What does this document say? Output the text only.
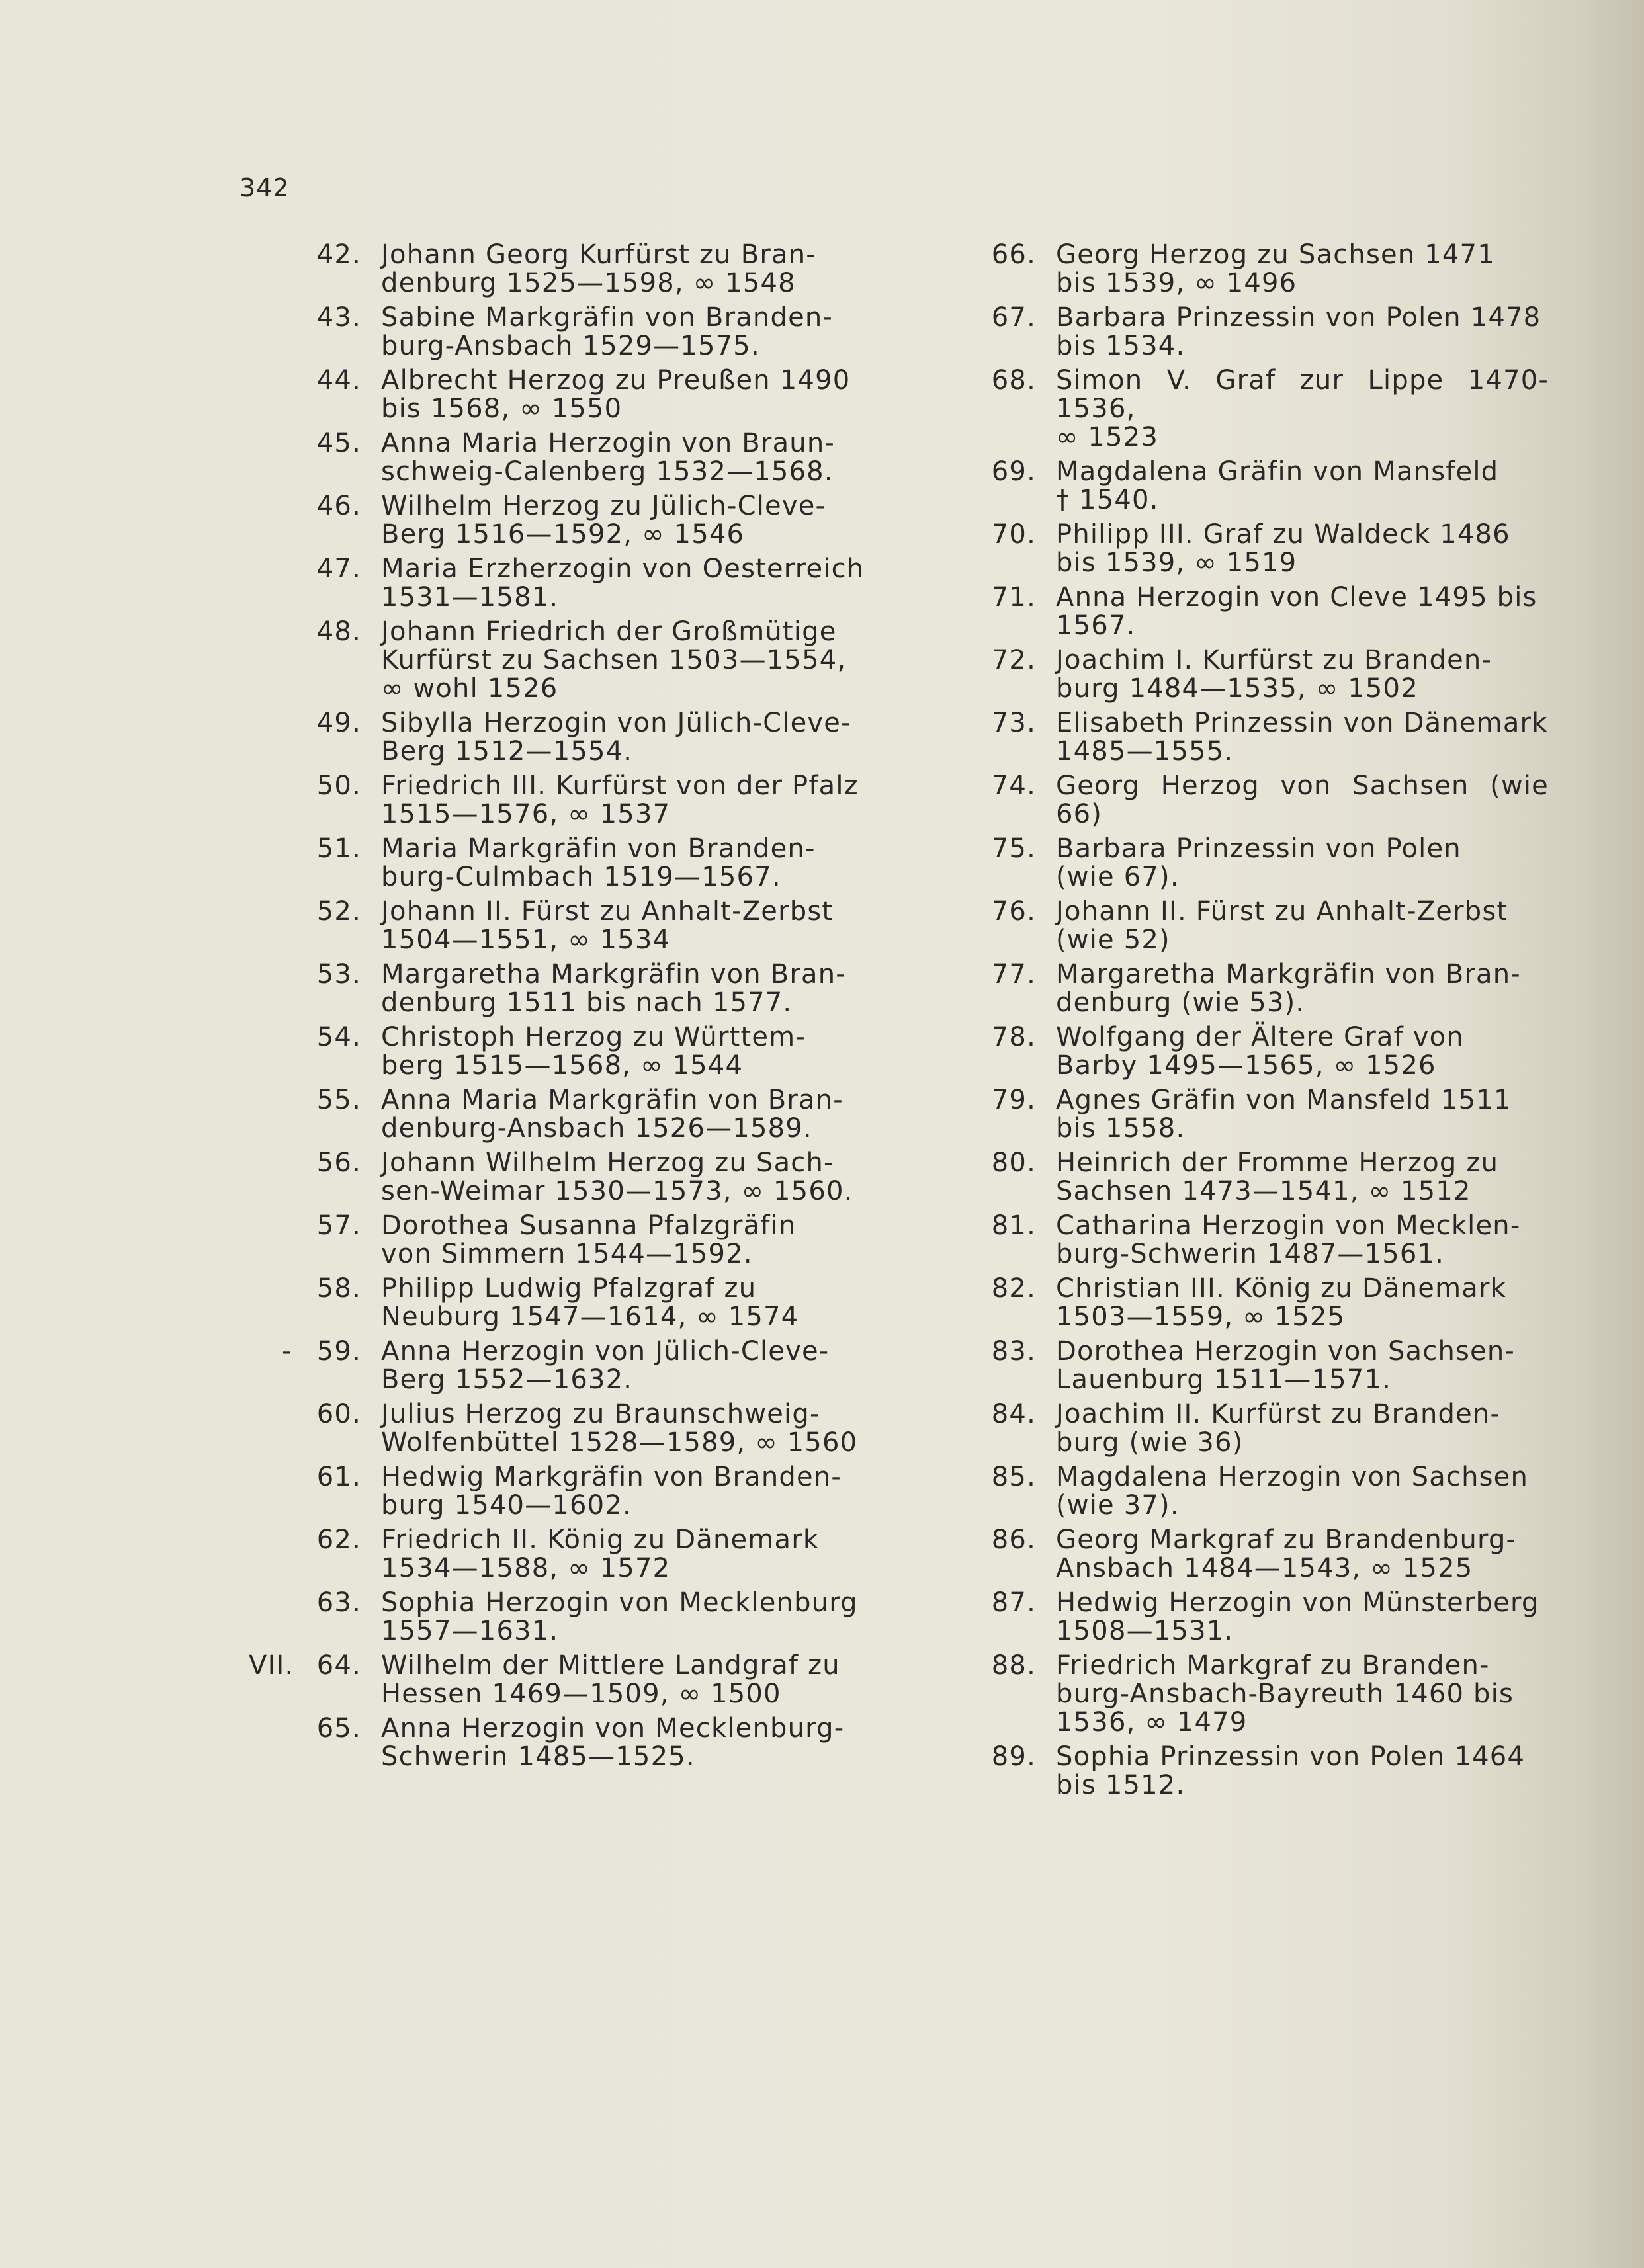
342
42. Johann Georg Kurfürst zu Bran-
denburg 1525—1598, ∞ 1548
43. Sabine Markgräfin von Branden-
burg-Ansbach 1529—1575.
44. Albrecht Herzog zu Preußen 1490
bis 1568, ∞ 1550
45. Anna Maria Herzogin von Braun-
schweig-Calenberg 1532—1568.
46. Wilhelm Herzog zu Jülich-Cleve-
Berg 1516—1592, ∞ 1546
47. Maria Erzherzogin von Oesterreich
1531—1581.
48. Johann Friedrich der Großmütige
Kurfürst zu Sachsen 1503—1554,
∞ wohl 1526
49. Sibylla Herzogin von Jülich-Cleve-
Berg 1512—1554.
50. Friedrich III. Kurfürst von der Pfalz
1515—1576, ∞ 1537
51. Maria Markgräfin von Branden-
burg-Culmbach 1519—1567.
52. Johann II. Fürst zu Anhalt-Zerbst
1504—1551, ∞ 1534
53. Margaretha Markgräfin von Bran-
denburg 1511 bis nach 1577.
54. Christoph Herzog zu Württem-
berg 1515—1568, ∞ 1544
55. Anna Maria Markgräfin von Bran-
denburg-Ansbach 1526—1589.
56. Johann Wilhelm Herzog zu Sach-
sen-Weimar 1530—1573, ∞ 1560.
57. Dorothea Susanna Pfalzgräfin
von Simmern 1544—1592.
58. Philipp Ludwig Pfalzgraf zu
Neuburg 1547—1614, ∞ 1574
- 59. Anna Herzogin von Jülich-Cleve-
Berg 1552—1632.
60. Julius Herzog zu Braunschweig-
Wolfenbüttel 1528—1589, ∞ 1560
61. Hedwig Markgräfin von Branden-
burg 1540—1602.
62. Friedrich II. König zu Dänemark
1534—1588, ∞ 1572
63. Sophia Herzogin von Mecklenburg
1557—1631.
VII. 64. Wilhelm der Mittlere Landgraf zu
Hessen 1469—1509, ∞ 1500
65. Anna Herzogin von Mecklenburg-
Schwerin 1485—1525.
66. Georg Herzog zu Sachsen 1471
bis 1539, ∞ 1496
67. Barbara Prinzessin von Polen 1478
bis 1534.
68. Simon V. Graf zur Lippe 1470-1536,
∞ 1523
69. Magdalena Gräfin von Mansfeld
† 1540.
70. Philipp III. Graf zu Waldeck 1486
bis 1539, ∞ 1519
71. Anna Herzogin von Cleve 1495 bis
1567.
72. Joachim I. Kurfürst zu Branden-
burg 1484—1535, ∞ 1502
73. Elisabeth Prinzessin von Dänemark
1485—1555.
74. Georg Herzog von Sachsen (wie 66)
75. Barbara Prinzessin von Polen
(wie 67).
76. Johann II. Fürst zu Anhalt-Zerbst
(wie 52)
77. Margaretha Markgräfin von Bran-
denburg (wie 53).
78. Wolfgang der Ältere Graf von
Barby 1495—1565, ∞ 1526
79. Agnes Gräfin von Mansfeld 1511
bis 1558.
80. Heinrich der Fromme Herzog zu
Sachsen 1473—1541, ∞ 1512
81. Catharina Herzogin von Mecklen-
burg-Schwerin 1487—1561.
82. Christian III. König zu Dänemark
1503—1559, ∞ 1525
83. Dorothea Herzogin von Sachsen-
Lauenburg 1511—1571.
84. Joachim II. Kurfürst zu Branden-
burg (wie 36)
85. Magdalena Herzogin von Sachsen
(wie 37).
86. Georg Markgraf zu Brandenburg-
Ansbach 1484—1543, ∞ 1525
87. Hedwig Herzogin von Münsterberg
1508—1531.
88. Friedrich Markgraf zu Branden-
burg-Ansbach-Bayreuth 1460 bis
1536, ∞ 1479
89. Sophia Prinzessin von Polen 1464
bis 1512.
